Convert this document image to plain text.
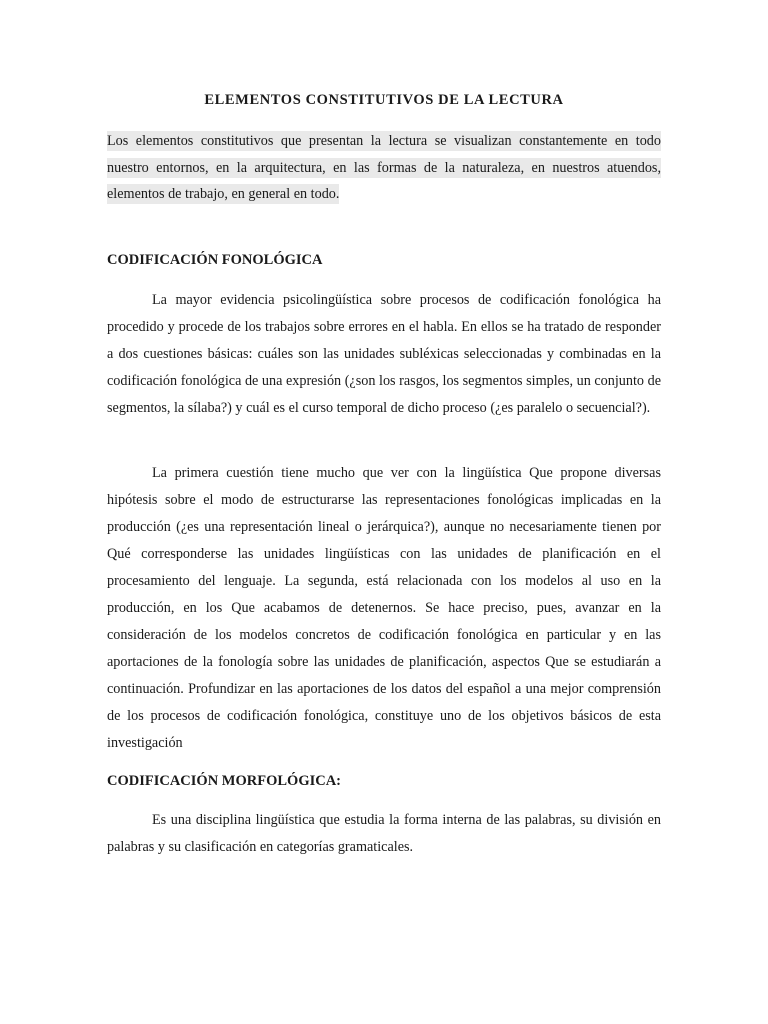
ELEMENTOS CONSTITUTIVOS DE LA LECTURA

Los elementos constitutivos que presentan la lectura se visualizan constantemente en todo nuestro entornos, en la arquitectura, en las formas de la naturaleza, en nuestros atuendos, elementos de trabajo, en general en todo.

CODIFICACIÓN FONOLÓGICA

La mayor evidencia psicolingüística sobre procesos de codificación fonológica ha procedido y procede de los trabajos sobre errores en el habla. En ellos se ha tratado de responder a dos cuestiones básicas: cuáles son las unidades subléxicas seleccionadas y combinadas en la codificación fonológica de una expresión (¿son los rasgos, los segmentos simples, un conjunto de segmentos, la sílaba?) y cuál es el curso temporal de dicho proceso (¿es paralelo o secuencial?).

La primera cuestión tiene mucho que ver con la lingüística Que propone diversas hipótesis sobre el modo de estructurarse las representaciones fonológicas implicadas en la producción (¿es una representación lineal o jerárquica?), aunque no necesariamente tienen por Qué corresponderse las unidades lingüísticas con las unidades de planificación en el procesamiento del lenguaje. La segunda, está relacionada con los modelos al uso en la producción, en los Que acabamos de detenernos. Se hace preciso, pues, avanzar en la consideración de los modelos concretos de codificación fonológica en particular y en las aportaciones de la fonología sobre las unidades de planificación, aspectos Que se estudiarán a continuación. Profundizar en las aportaciones de los datos del español a una mejor comprensión de los procesos de codificación fonológica, constituye uno de los objetivos básicos de esta investigación

CODIFICACIÓN MORFOLÓGICA:

Es una disciplina lingüística que estudia la forma interna de las palabras, su división en palabras y su clasificación en categorías gramaticales.
